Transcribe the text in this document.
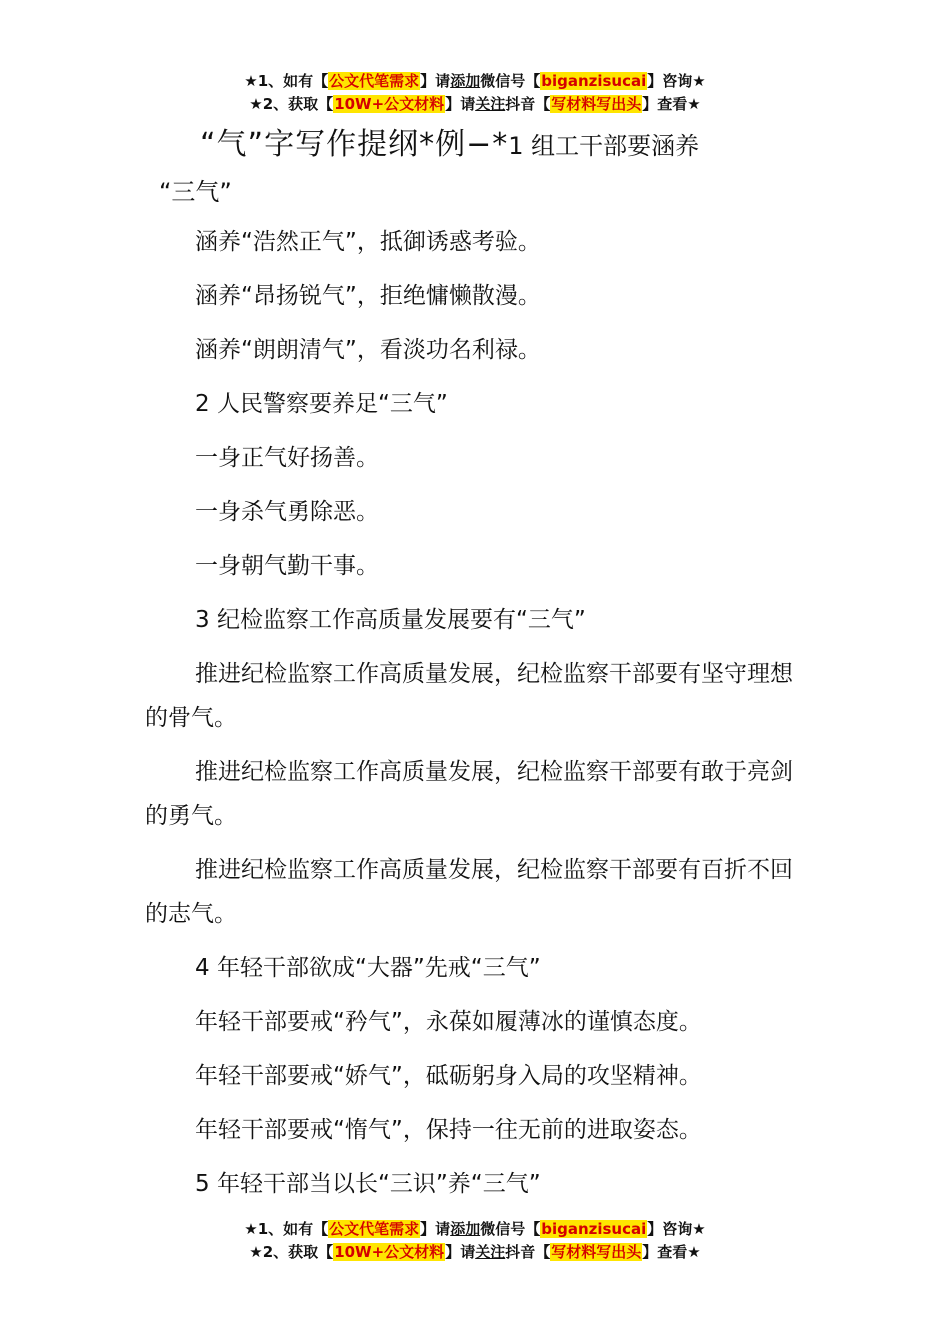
★1、如有【公文代笔需求】请添加微信号【biganzisucai】咨询★
★2、获取【10W+公文材料】请关注抖音【写材料写出头】查看★
“气”字写作提纲*例−*1 组工干部要涵养
“三气”
涵养“浩然正气”，抵御诱惑考验。
涵养“昂扬锐气”，拒绝慵懒散漫。
涵养“朗朗清气”，看淡功名利禄。
2 人民警察要养足“三气”
一身正气好扬善。
一身杀气勇除恶。
一身朝气勤干事。
3 纪检监察工作高质量发展要有“三气”
推进纪检监察工作高质量发展，纪检监察干部要有坚守理想的骨气。
推进纪检监察工作高质量发展，纪检监察干部要有敢于亮剑的勇气。
推进纪检监察工作高质量发展，纪检监察干部要有百折不回的志气。
4 年轻干部欲成“大器”先戒“三气”
年轻干部要戒“矜气”，永葆如履薄冰的谨慎态度。
年轻干部要戒“娇气”，砥砺躬身入局的攻坚精神。
年轻干部要戒“惰气”，保持一往无前的进取姿态。
5 年轻干部当以长“三识”养“三气”
★1、如有【公文代笔需求】请添加微信号【biganzisucai】咨询★
★2、获取【10W+公文材料】请关注抖音【写材料写出头】查看★
